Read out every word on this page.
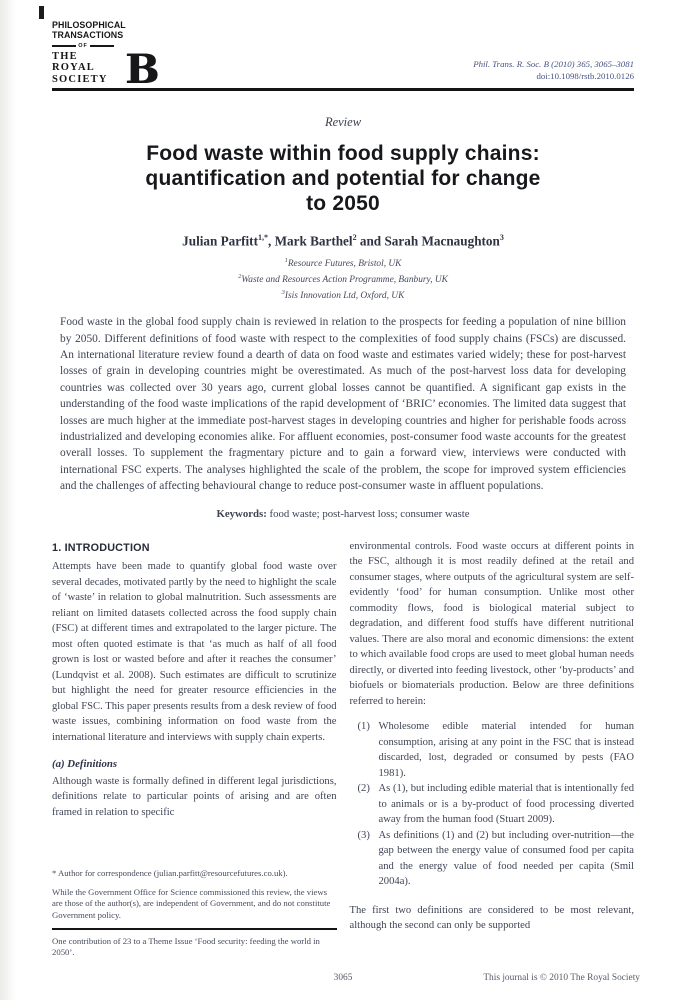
PHILOSOPHICAL
TRANSACTIONS
OF
THE ROYAL
SOCIETY B	Phil. Trans. R. Soc. B (2010) 365, 3065–3081
doi:10.1098/rstb.2010.0126
Review
Food waste within food supply chains:
quantification and potential for change
to 2050
Julian Parfitt$^{1,*}$, Mark Barthel$^2$ and Sarah Macnaughton$^3$
$^1$Resource Futures, Bristol, UK
$^2$Waste and Resources Action Programme, Banbury, UK
$^3$Isis Innovation Ltd, Oxford, UK

Food waste in the global food supply chain is reviewed in relation to the prospects for feeding a population of nine billion by 2050. Different definitions of food waste with respect to the complexities of food supply chains (FSCs) are discussed. An international literature review found a dearth of data on food waste and estimates varied widely; these for post-harvest losses of grain in developing countries might be overestimated. As much of the post-harvest loss data for developing countries was collected over 30 years ago, current global losses cannot be quantified. A significant gap exists in the understanding of the food waste implications of the rapid development of ‘BRIC’ economies. The limited data suggest that losses are much higher at the immediate post-harvest stages in developing countries and higher for perishable foods across industrialized and developing economies alike. For affluent economies, post-consumer food waste accounts for the greatest overall losses. To supplement the fragmentary picture and to gain a forward view, interviews were conducted with international FSC experts. The analyses highlighted the scale of the problem, the scope for improved system efficiencies and the challenges of affecting behavioural change to reduce post-consumer waste in affluent populations.

Keywords: food waste; post-harvest loss; consumer waste
1. INTRODUCTION

Attempts have been made to quantify global food waste over several decades, motivated partly by the need to highlight the scale of ‘waste’ in relation to global malnutrition. Such assessments are reliant on limited datasets collected across the food supply chain (FSC) at different times and extrapolated to the larger picture. The most often quoted estimate is that ‘as much as half of all food grown is lost or wasted before and after it reaches the consumer’ (Lundqvist et al. 2008). Such estimates are difficult to scrutinize but highlight the need for greater resource efficiencies in the global FSC. This paper presents results from a desk review of food waste issues, combining information on food waste from the international literature and interviews with supply chain experts.

(a) Definitions

Although waste is formally defined in different legal jurisdictions, definitions relate to particular points of arising and are often framed in relation to specific

* Author for correspondence (julian.parfitt@resourcefutures.co.uk).

While the Government Office for Science commissioned this review, the views are those of the author(s), are independent of Government, and do not constitute Government policy.

One contribution of 23 to a Theme Issue ‘Food security: feeding the world in 2050’.

environmental controls. Food waste occurs at different points in the FSC, although it is most readily defined at the retail and consumer stages, where outputs of the agricultural system are self-evidently ‘food’ for human consumption. Unlike most other commodity flows, food is biological material subject to degradation, and different food stuffs have different nutritional values. There are also moral and economic dimensions: the extent to which available food crops are used to meet global human needs directly, or diverted into feeding livestock, other ‘by-products’ and biofuels or biomaterials production. Below are three definitions referred to herein:

(1) Wholesome edible material intended for human consumption, arising at any point in the FSC that is instead discarded, lost, degraded or consumed by pests (FAO 1981).
(2) As (1), but including edible material that is intentionally fed to animals or is a by-product of food processing diverted away from the human food (Stuart 2009).
(3) As definitions (1) and (2) but including over-nutrition—the gap between the energy value of consumed food per capita and the energy value of food needed per capita (Smil 2004a).

The first two definitions are considered to be most relevant, although the second can only be supported

3065	This journal is © 2010 The Royal Society
